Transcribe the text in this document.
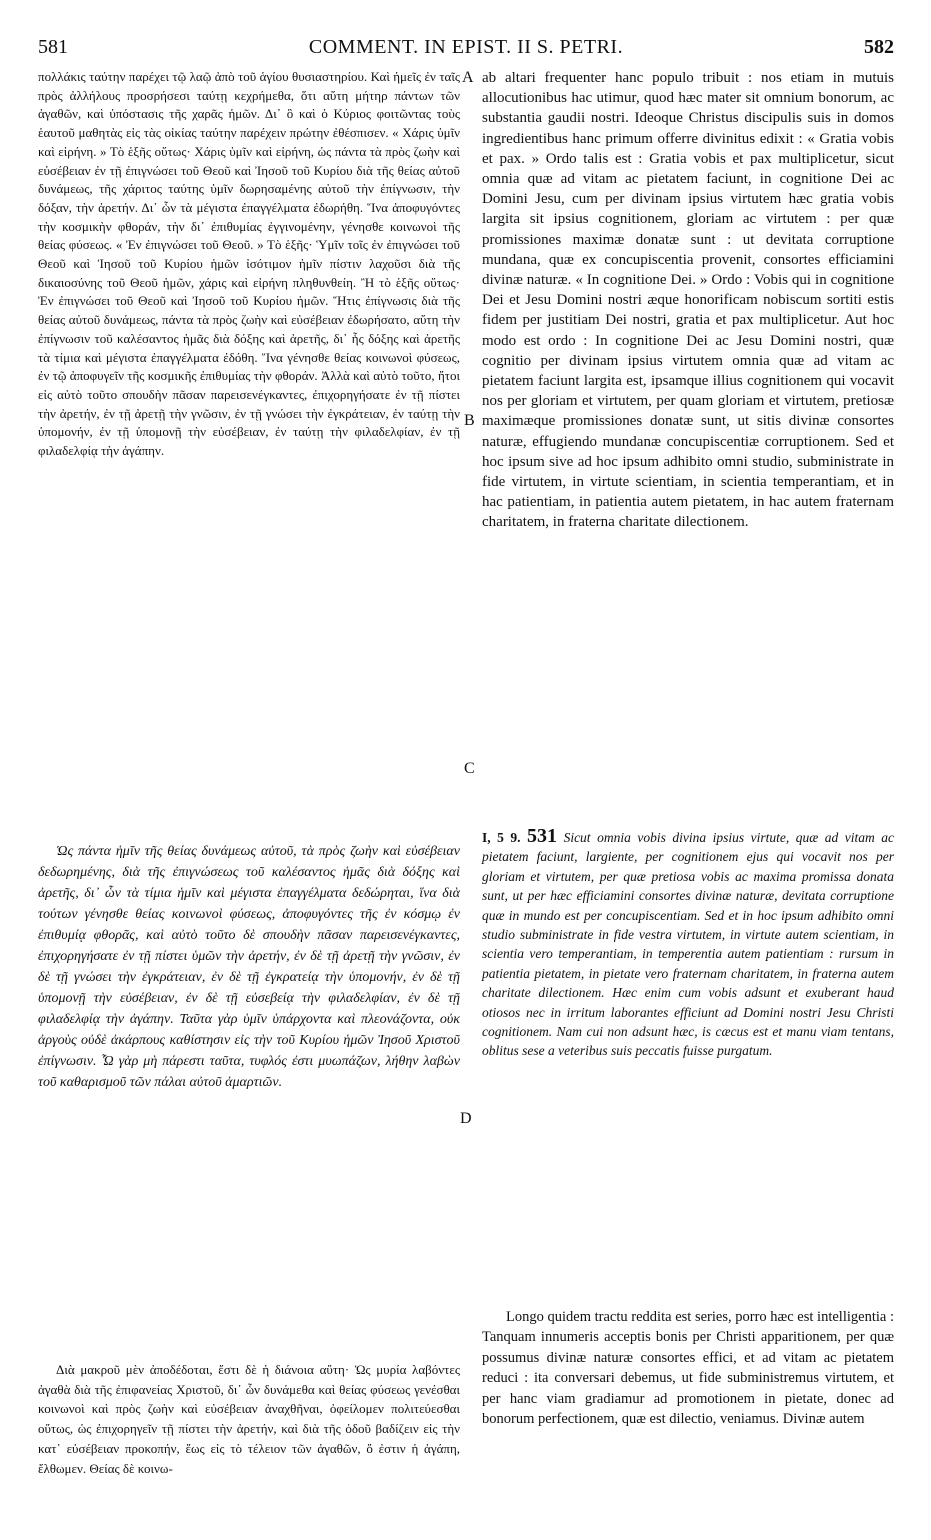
581	COMMENT. IN EPIST. II S. PETRI.	582

πολλάκις ταύτην παρέχει τῷ λαῷ ἀπὸ τοῦ ἁγίου θυσιαστηρίου. Καὶ ἡμεῖς ἐν ταῖς πρὸς ἀλλήλους προσρήσεσι ταύτῃ κεχρήμεθα, ὅτι αὕτη μήτηρ πάντων τῶν ἀγαθῶν, καὶ ὑπόστασις τῆς χαρᾶς ἡμῶν. Δι᾽ ὃ καὶ ὁ Κύριος φοιτῶντας τοὺς ἑαυτοῦ μαθητὰς εἰς τὰς οἰκίας ταύτην παρέχειν πρώτην ἐθέσπισεν. « Χάρις ὑμῖν καὶ εἰρήνη. » Τὸ ἑξῆς οὕτως· Χάρις ὑμῖν καὶ εἰρήνη, ὡς πάντα τὰ πρὸς ζωὴν καὶ εὐσέβειαν ἐν τῇ ἐπιγνώσει τοῦ Θεοῦ καὶ Ἰησοῦ τοῦ Κυρίου διὰ τῆς θείας αὐτοῦ δυνάμεως, τῆς χάριτος ταύτης ὑμῖν δωρησαμένης αὐτοῦ τὴν ἐπίγνωσιν, τὴν δόξαν, τὴν ἀρετήν. Δι᾽ ὧν τὰ μέγιστα ἐπαγγέλματα ἐδωρήθη. Ἵνα ἀποφυγόντες τὴν κοσμικὴν φθοράν, τὴν δι᾽ ἐπιθυμίας ἐγγινομένην, γένησθε κοινωνοὶ τῆς θείας φύσεως. « Ἐν ἐπιγνώσει τοῦ Θεοῦ. » Τὸ ἑξῆς· Ὑμῖν τοῖς ἐν ἐπιγνώσει τοῦ Θεοῦ καὶ Ἰησοῦ τοῦ Κυρίου ἡμῶν ἰσότιμον ἡμῖν πίστιν λαχοῦσι διὰ τῆς δικαιοσύνης τοῦ Θεοῦ ἡμῶν, χάρις καὶ εἰρήνη πληθυνθείη. Ἢ τὸ ἑξῆς οὕτως· Ἐν ἐπιγνώσει τοῦ Θεοῦ καὶ Ἰησοῦ τοῦ Κυρίου ἡμῶν. Ἥτις ἐπίγνωσις διὰ τῆς θείας αὐτοῦ δυνάμεως, πάντα τὰ πρὸς ζωὴν καὶ εὐσέβειαν ἐδωρήσατο, αὕτη τὴν ἐπίγνωσιν τοῦ καλέσαντος ἡμᾶς διὰ δόξης καὶ ἀρετῆς, δι᾽ ἧς δόξης καὶ ἀρετῆς τὰ τίμια καὶ μέγιστα ἐπαγγέλματα ἐδόθη. Ἵνα γένησθε θείας κοινωνοὶ φύσεως, ἐν τῷ ἀποφυγεῖν τῆς κοσμικῆς ἐπιθυμίας τὴν φθοράν. Ἀλλὰ καὶ αὐτὸ τοῦτο, ἤτοι εἰς αὐτὸ τοῦτο σπουδὴν πᾶσαν παρεισενέγκαντες, ἐπιχορηγήσατε ἐν τῇ πίστει τὴν ἀρετήν, ἐν τῇ ἀρετῇ τὴν γνῶσιν, ἐν τῇ γνώσει τὴν ἐγκράτειαν, ἐν ταύτῃ τὴν ὑπομονήν, ἐν τῇ ὑπομονῇ τὴν εὐσέβειαν, ἐν ταύτῃ τὴν φιλαδελφίαν, ἐν τῇ φιλαδελφίᾳ τὴν ἀγάπην.

Ὡς πάντα ἡμῖν τῆς θείας δυνάμεως αὐτοῦ, τὰ πρὸς ζωὴν καὶ εὐσέβειαν δεδωρημένης, διὰ τῆς ἐπιγνώσεως τοῦ καλέσαντος ἡμᾶς διὰ δόξης καὶ ἀρετῆς, δι᾽ ὧν τὰ τίμια ἡμῖν καὶ μέγιστα ἐπαγγέλματα δεδώρηται, ἵνα διὰ τούτων γένησθε θείας κοινωνοὶ φύσεως, ἀποφυγόντες τῆς ἐν κόσμῳ ἐν ἐπιθυμίᾳ φθορᾶς, καὶ αὐτὸ τοῦτο δὲ σπουδὴν πᾶσαν παρεισενέγκαντες, ἐπιχορηγήσατε ἐν τῇ πίστει ὑμῶν τὴν ἀρετήν, ἐν δὲ τῇ ἀρετῇ τὴν γνῶσιν, ἐν δὲ τῇ γνώσει τὴν ἐγκράτειαν, ἐν δὲ τῇ ἐγκρατείᾳ τὴν ὑπομονήν, ἐν δὲ τῇ ὑπομονῇ τὴν εὐσέβειαν, ἐν δὲ τῇ εὐσεβείᾳ τὴν φιλαδελφίαν, ἐν δὲ τῇ φιλαδελφίᾳ τὴν ἀγάπην. Ταῦτα γὰρ ὑμῖν ὑπάρχοντα καὶ πλεονάζοντα, οὐκ ἀργοὺς οὐδὲ ἀκάρπους καθίστησιν εἰς τὴν τοῦ Κυρίου ἡμῶν Ἰησοῦ Χριστοῦ ἐπίγνωσιν. Ὧ γὰρ μὴ πάρεστι ταῦτα, τυφλός ἐστι μυωπάζων, λήθην λαβὼν τοῦ καθαρισμοῦ τῶν πάλαι αὐτοῦ ἁμαρτιῶν.

Διὰ μακροῦ μὲν ἀποδέδοται, ἔστι δὲ ἡ διάνοια αὕτη· Ὡς μυρία λαβόντες ἀγαθὰ διὰ τῆς ἐπιφανείας Χριστοῦ, δι᾽ ὧν δυνάμεθα καὶ θείας φύσεως γενέσθαι κοινωνοὶ καὶ πρὸς ζωὴν καὶ εὐσέβειαν ἀναχθῆναι, ὀφείλομεν πολιτεύεσθαι οὕτως, ὡς ἐπιχορηγεῖν τῇ πίστει τὴν ἀρετήν, καὶ διὰ τῆς ὁδοῦ βαδίζειν εἰς τὴν κατ᾽ εὐσέβειαν προκοπήν, ἕως εἰς τὸ τέλειον τῶν ἀγαθῶν, ὅ ἐστιν ἡ ἀγάπη, ἔλθωμεν. Θείας δὲ κοινω-

ab altari frequenter hanc populo tribuit : nos etiam in mutuis allocutionibus hac utimur, quod hæc mater sit omnium bonorum, ac substantia gaudii nostri. Ideoque Christus discipulis suis in domos ingredientibus hanc primum offerre divinitus edixit : « Gratia vobis et pax. » Ordo talis est : Gratia vobis et pax multiplicetur, sicut omnia quæ ad vitam ac pietatem faciunt, in cognitione Dei ac Domini Jesu, cum per divinam ipsius virtutem hæc gratia vobis largita sit ipsius cognitionem, gloriam ac virtutem : per quæ promissiones maximæ donatæ sunt : ut devitata corruptione mundana, quæ ex concupiscentia provenit, consortes efficiamini divinæ naturæ. « In cognitione Dei. » Ordo : Vobis qui in cognitione Dei et Jesu Domini nostri æque honorificam nobiscum sortiti estis fidem per justitiam Dei nostri, gratia et pax multiplicetur. Aut hoc modo est ordo : In cognitione Dei ac Jesu Domini nostri, quæ cognitio per divinam ipsius virtutem omnia quæ ad vitam ac pietatem faciunt largita est, ipsamque illius cognitionem qui vocavit nos per gloriam et virtutem, per quam gloriam et virtutem, pretiosæ maximæque promissiones donatæ sunt, ut sitis divinæ consortes naturæ, effugiendo mundanæ concupiscentiæ corruptionem. Sed et hoc ipsum sive ad hoc ipsum adhibito omni studio, subministrate in fide virtutem, in virtute scientiam, in scientia temperantiam, et in hac patientiam, in patientia autem pietatem, in hac autem fraternam charitatem, in fraterna charitate dilectionem.

I, 5 9. 531 Sicut omnia vobis divina ipsius virtute, quæ ad vitam ac pietatem faciunt, largiente, per cognitionem ejus qui vocavit nos per gloriam et virtutem, per quæ pretiosa vobis ac maxima promissa donata sunt, ut per hæc efficiamini consortes divinæ naturæ, devitata corruptione quæ in mundo est per concupiscentiam. Sed et in hoc ipsum adhibito omni studio subministrate in fide vestra virtutem, in virtute autem scientiam, in scientia vero temperantiam, in temperentia autem patientiam : rursum in patientia pietatem, in pietate vero fraternam charitatem, in fraterna autem charitate dilectionem. Hæc enim cum vobis adsunt et exuberant haud otiosos nec in irritum laborantes efficiunt ad Domini nostri Jesu Christi cognitionem. Nam cui non adsunt hæc, is cæcus est et manu viam tentans, oblitus sese a veteribus suis peccatis fuisse purgatum.
Longo quidem tractu reddita est series, porro hæc est intelligentia : Tanquam innumeris acceptis bonis per Christi apparitionem, per quæ possumus divinæ naturæ consortes effici, et ad vitam ac pietatem reduci : ita conversari debemus, ut fide subministremus virtutem, et per hanc viam gradiamur ad promotionem in pietate, donec ad bonorum perfectionem, quæ est dilectio, veniamus. Divinæ autem
A
B
C
D
